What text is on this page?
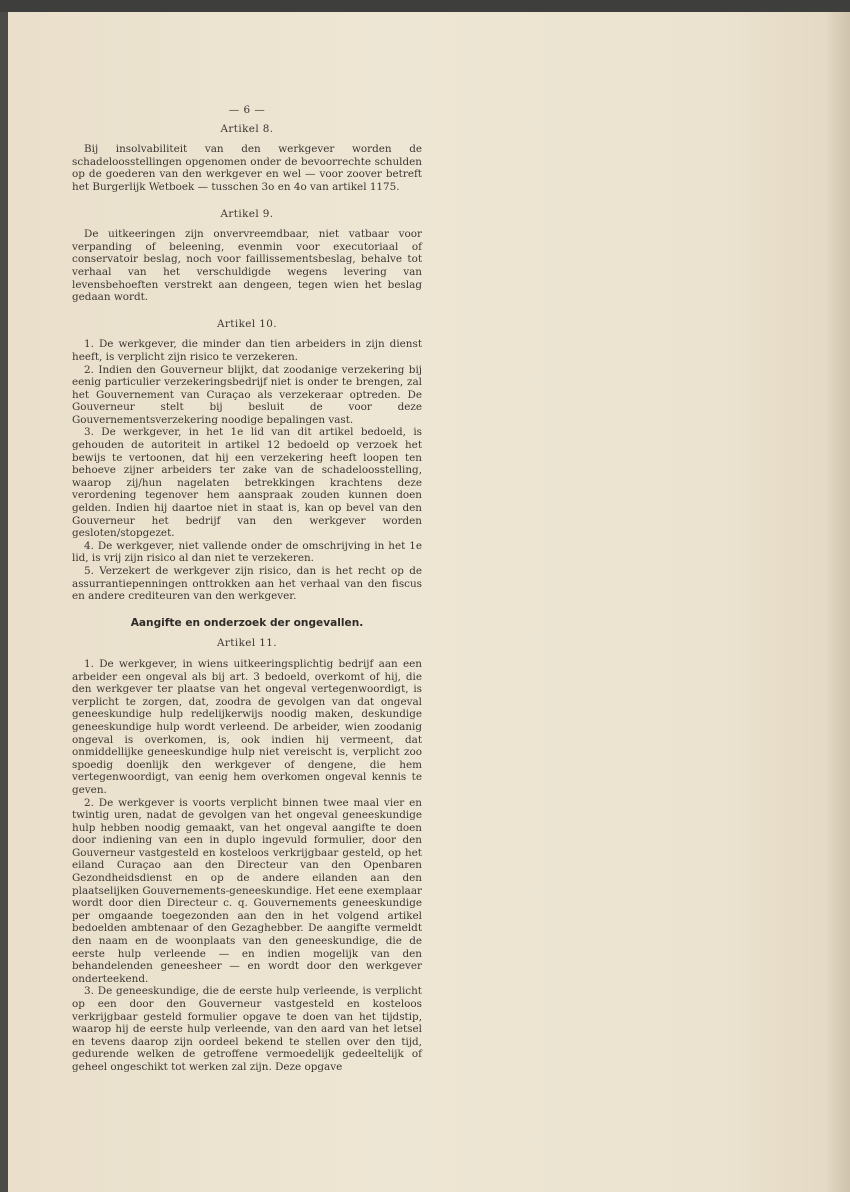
— 6 —
Artikel 8.

Bij insolvabiliteit van den werkgever worden de schadeloosstellingen opgenomen onder de bevoorrechte schulden op de goederen van den werkgever en wel — voor zoover betreft het Burgerlijk Wetboek — tusschen 3o en 4o van artikel 1175.

Artikel 9.

De uitkeeringen zijn onvervreemdbaar, niet vatbaar voor verpanding of beleening, evenmin voor executoriaal of conservatoir beslag, noch voor faillissementsbeslag, behalve tot verhaal van het verschuldigde wegens levering van levensbehoeften verstrekt aan dengeen, tegen wien het beslag gedaan wordt.

Artikel 10.

1. De werkgever, die minder dan tien arbeiders in zijn dienst heeft, is verplicht zijn risico te verzekeren.

2. Indien den Gouverneur blijkt, dat zoodanige verzekering bij eenig particulier verzekeringsbedrijf niet is onder te brengen, zal het Gouvernement van Curaçao als verzekeraar optreden. De Gouverneur stelt bij besluit de voor deze Gouvernementsverzekering noodige bepalingen vast.

3. De werkgever, in het 1e lid van dit artikel bedoeld, is gehouden de autoriteit in artikel 12 bedoeld op verzoek het bewijs te vertoonen, dat hij een verzekering heeft loopen ten behoeve zijner arbeiders ter zake van de schadeloosstelling, waarop zij/hun nagelaten betrekkingen krachtens deze verordening tegenover hem aanspraak zouden kunnen doen gelden. Indien hij daartoe niet in staat is, kan op bevel van den Gouverneur het bedrijf van den werkgever worden gesloten/stopgezet.

4. De werkgever, niet vallende onder de omschrijving in het 1e lid, is vrij zijn risico al dan niet te verzekeren.

5. Verzekert de werkgever zijn risico, dan is het recht op de assurrantiepenningen onttrokken aan het verhaal van den fiscus en andere crediteuren van den werkgever.

Aangifte en onderzoek der ongevallen.
Artikel 11.

1. De werkgever, in wiens uitkeeringsplichtig bedrijf aan een arbeider een ongeval als bij art. 3 bedoeld, overkomt of hij, die den werkgever ter plaatse van het ongeval vertegenwoordigt, is verplicht te zorgen, dat, zoodra de gevolgen van dat ongeval geneeskundige hulp redelijkerwijs noodig maken, deskundige geneeskundige hulp wordt verleend. De arbeider, wien zoodanig ongeval is overkomen, is, ook indien hij vermeent, dat onmiddellijke geneeskundige hulp niet vereischt is, verplicht zoo spoedig doenlijk den werkgever of dengene, die hem vertegenwoordigt, van eenig hem overkomen ongeval kennis te geven.

2. De werkgever is voorts verplicht binnen twee maal vier en twintig uren, nadat de gevolgen van het ongeval geneeskundige hulp hebben noodig gemaakt, van het ongeval aangifte te doen door indiening van een in duplo ingevuld formulier, door den Gouverneur vastgesteld en kosteloos verkrijgbaar gesteld, op het eiland Curaçao aan den Directeur van den Openbaren Gezondheidsdienst en op de andere eilanden aan den plaatselijken Gouvernements-geneeskundige. Het eene exemplaar wordt door dien Directeur c. q. Gouvernements geneeskundige per omgaande toegezonden aan den in het volgend artikel bedoelden ambtenaar of den Gezaghebber. De aangifte vermeldt den naam en de woonplaats van den geneeskundige, die de eerste hulp verleende — en indien mogelijk van den behandelenden geneesheer — en wordt door den werkgever onderteekend.

3. De geneeskundige, die de eerste hulp verleende, is verplicht op een door den Gouverneur vastgesteld en kosteloos verkrijgbaar gesteld formulier opgave te doen van het tijdstip, waarop hij de eerste hulp verleende, van den aard van het letsel en tevens daarop zijn oordeel bekend te stellen over den tijd, gedurende welken de getroffene vermoedelijk gedeeltelijk of geheel ongeschikt tot werken zal zijn. Deze opgave
